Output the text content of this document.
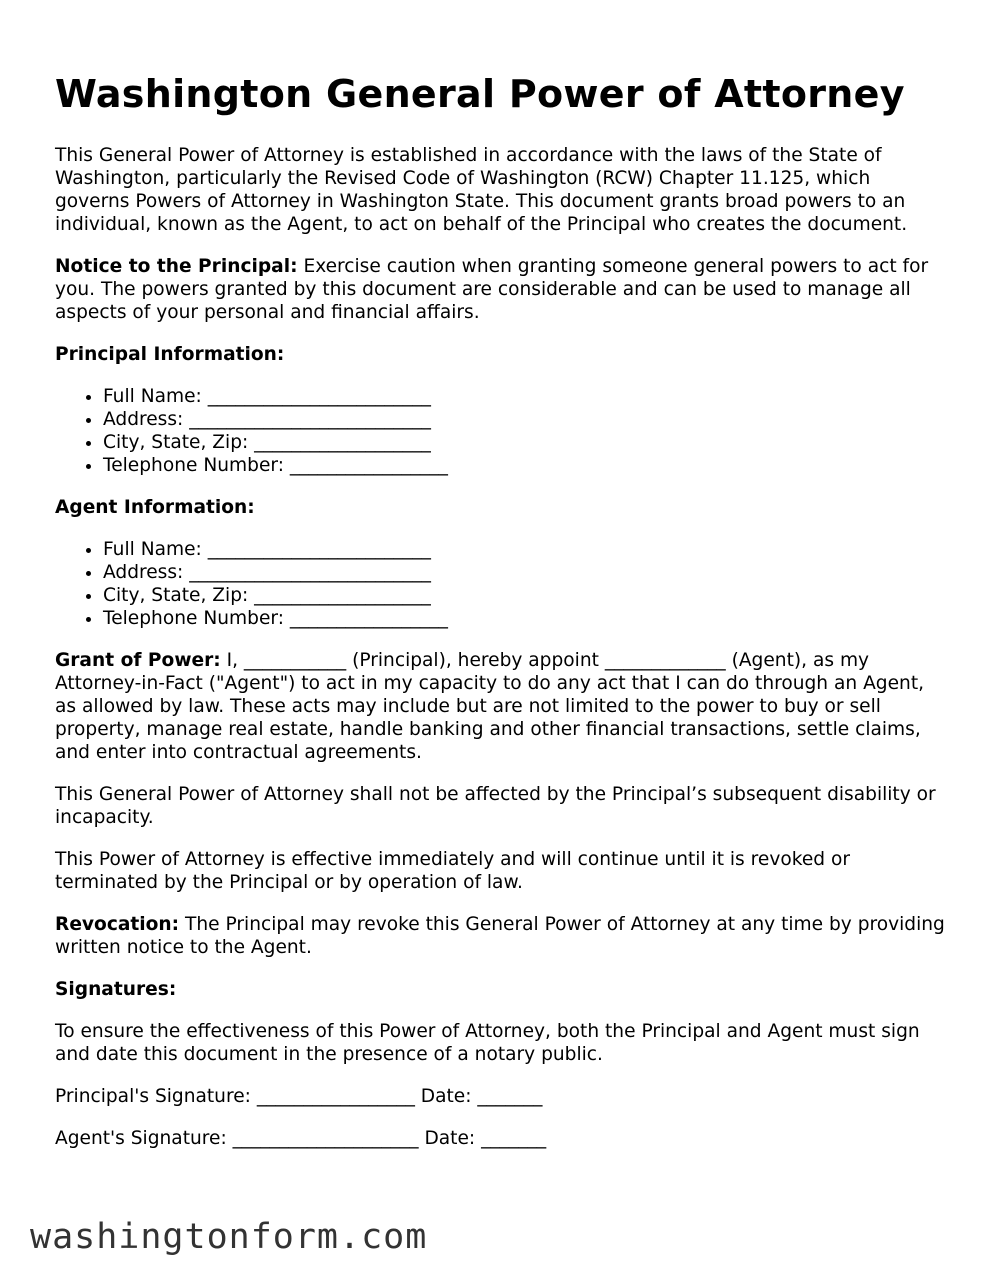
Washington General Power of Attorney

This General Power of Attorney is established in accordance with the laws of the State of Washington, particularly the Revised Code of Washington (RCW) Chapter 11.125, which governs Powers of Attorney in Washington State. This document grants broad powers to an individual, known as the Agent, to act on behalf of the Principal who creates the document.

Notice to the Principal: Exercise caution when granting someone general powers to act for you. The powers granted by this document are considerable and can be used to manage all aspects of your personal and financial affairs.

Principal Information:

• Full Name: ________________________
• Address: __________________________
• City, State, Zip: ___________________
• Telephone Number: _________________

Agent Information:

• Full Name: ________________________
• Address: __________________________
• City, State, Zip: ___________________
• Telephone Number: _________________

Grant of Power: I, ___________ (Principal), hereby appoint _____________ (Agent), as my Attorney-in-Fact ("Agent") to act in my capacity to do any act that I can do through an Agent, as allowed by law. These acts may include but are not limited to the power to buy or sell property, manage real estate, handle banking and other financial transactions, settle claims, and enter into contractual agreements.

This General Power of Attorney shall not be affected by the Principal’s subsequent disability or incapacity.

This Power of Attorney is effective immediately and will continue until it is revoked or terminated by the Principal or by operation of law.

Revocation: The Principal may revoke this General Power of Attorney at any time by providing written notice to the Agent.

Signatures:

To ensure the effectiveness of this Power of Attorney, both the Principal and Agent must sign and date this document in the presence of a notary public.

Principal's Signature: _________________ Date: _______

Agent's Signature: ____________________ Date: _______

washingtonform.com
